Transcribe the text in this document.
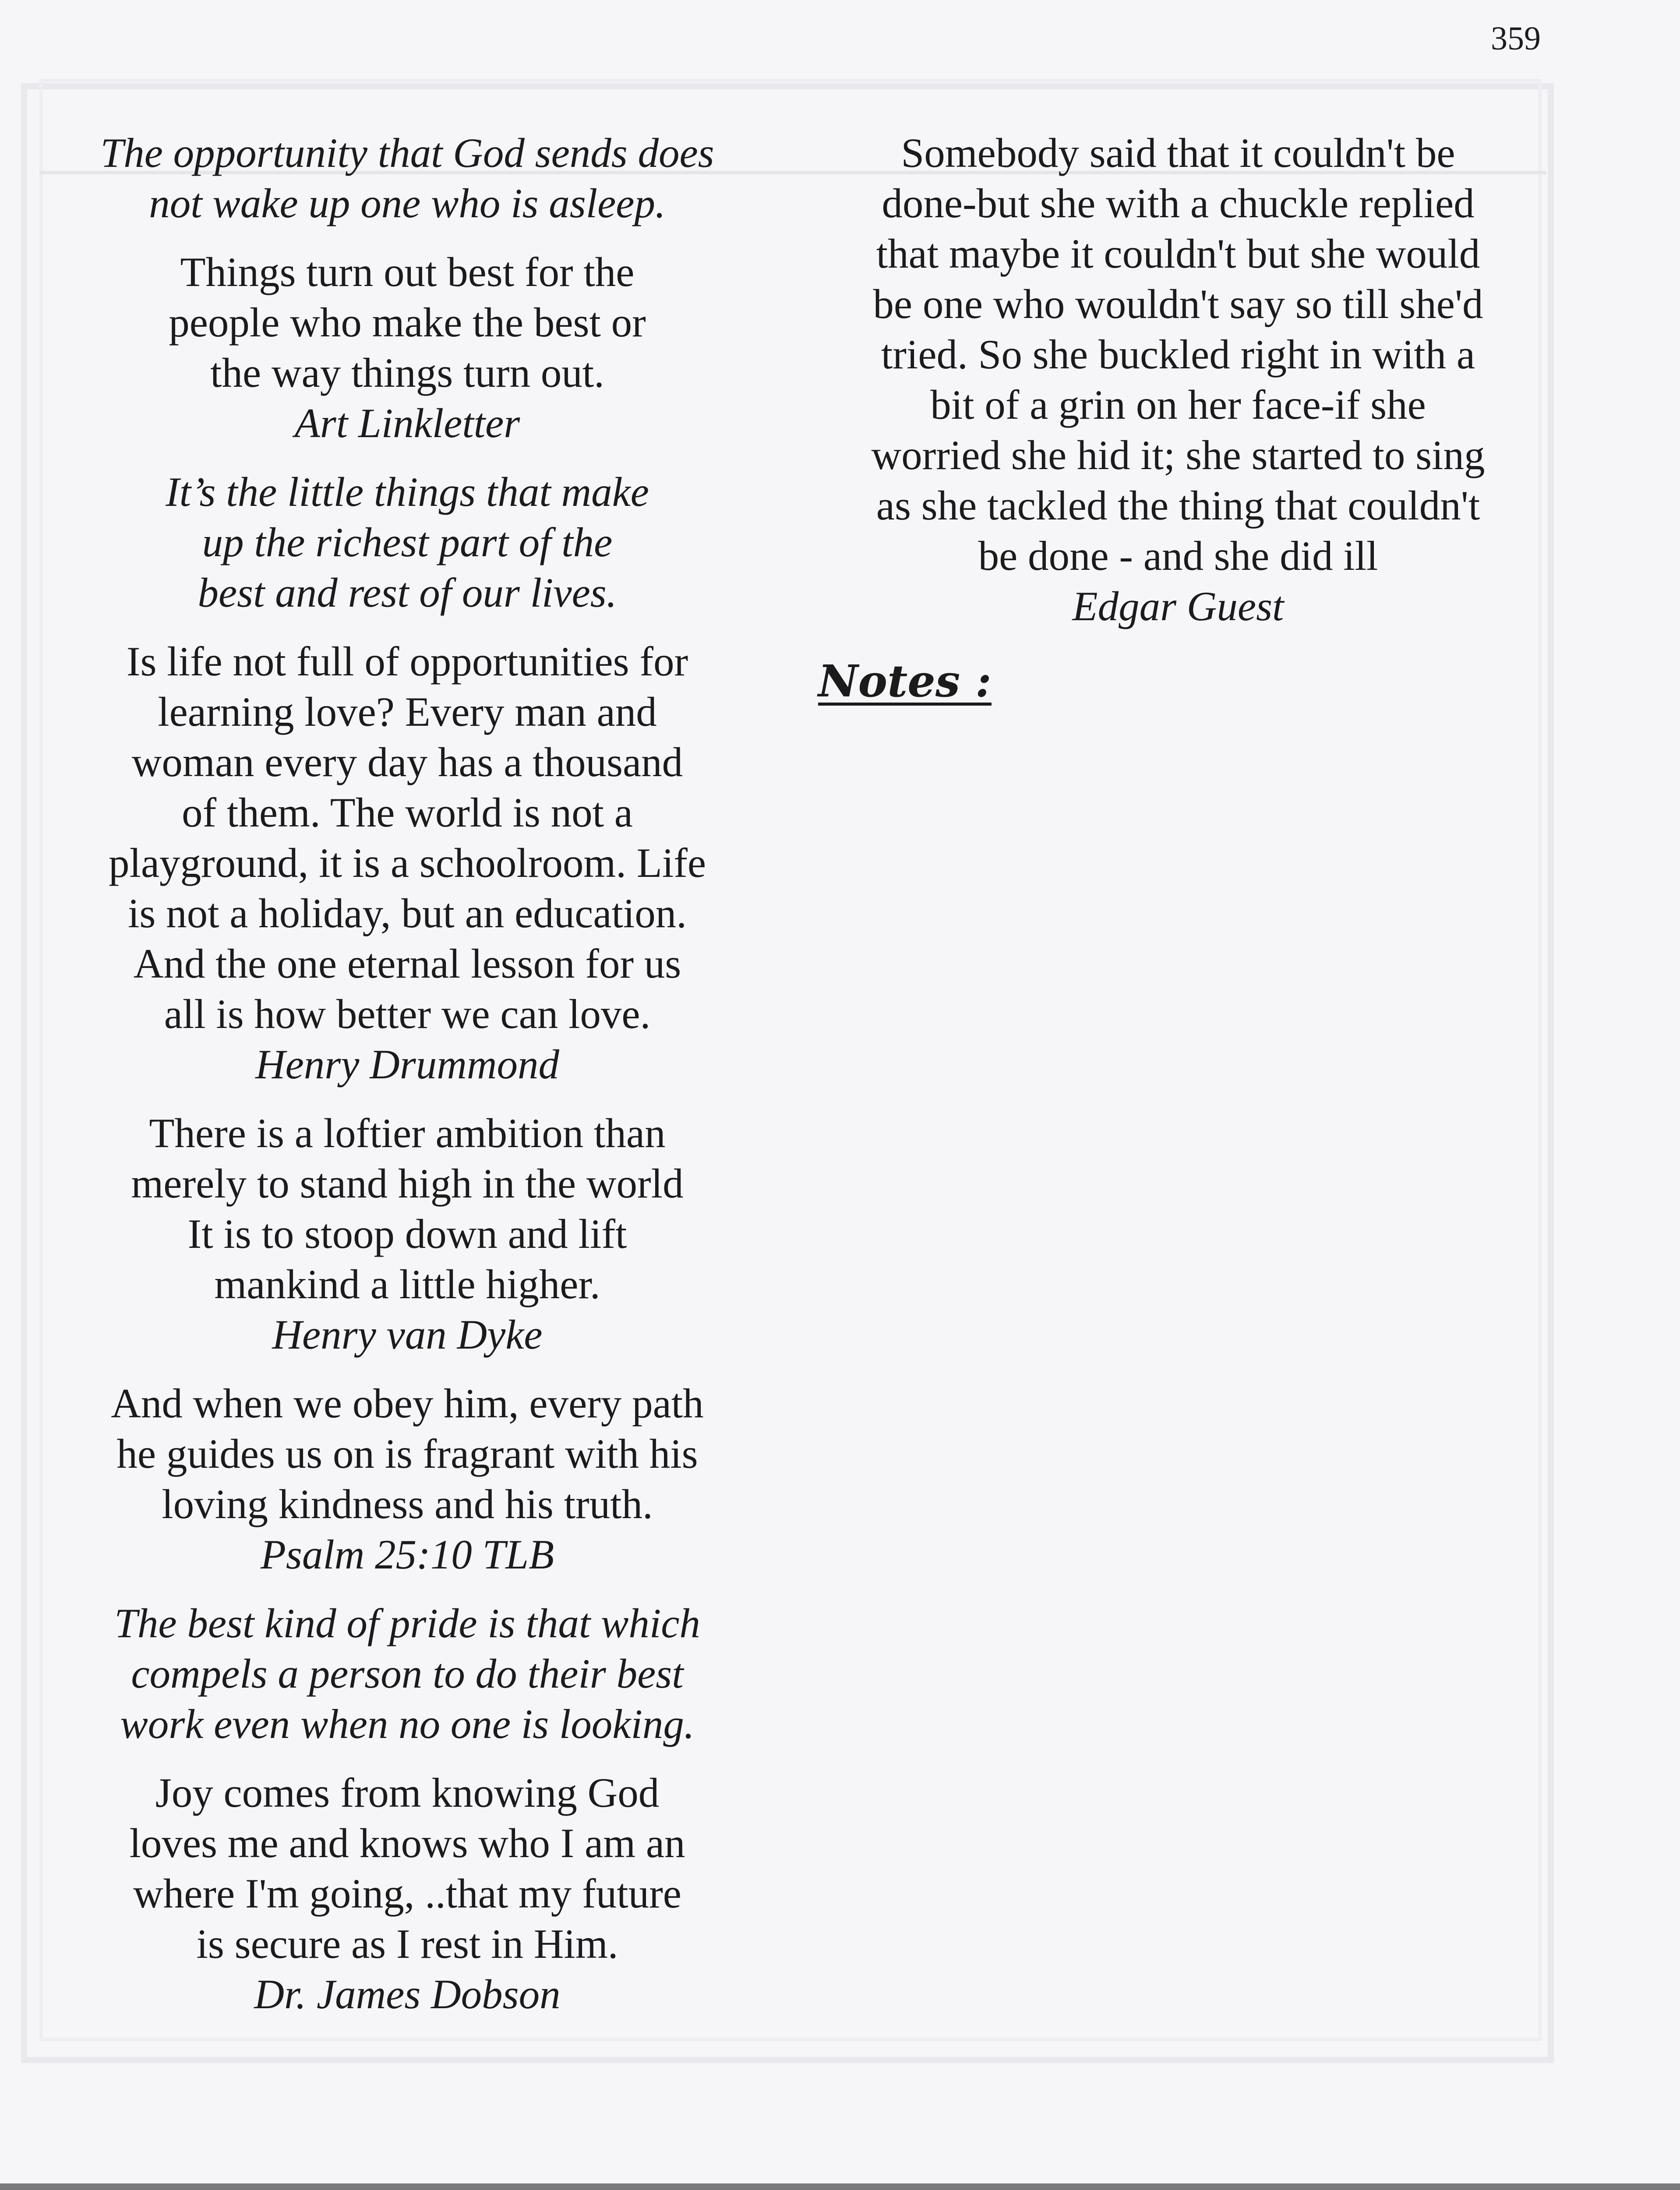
359
The opportunity that God sends does
not wake up one who is asleep.
Things turn out best for the
people who make the best or
the way things turn out.
Art Linkletter
It’s the little things that make
up the richest part of the
best and rest of our lives.
Is life not full of opportunities for
learning love? Every man and
woman every day has a thousand
of them. The world is not a
playground, it is a schoolroom. Life
is not a holiday, but an education.
And the one eternal lesson for us
all is how better we can love.
Henry Drummond
There is a loftier ambition than
merely to stand high in the world
It is to stoop down and lift
mankind a little higher.
Henry van Dyke
And when we obey him, every path
he guides us on is fragrant with his
loving kindness and his truth.
Psalm 25:10 TLB
The best kind of pride is that which
compels a person to do their best
work even when no one is looking.
Joy comes from knowing God
loves me and knows who I am an
where I'm going, ..that my future
is secure as I rest in Him.
Dr. James Dobson
Somebody said that it couldn't be
done-but she with a chuckle replied
that maybe it couldn't but she would
be one who wouldn't say so till she'd
tried. So she buckled right in with a
bit of a grin on her face-if she
worried she hid it; she started to sing
as she tackled the thing that couldn't
be done - and she did ill
Edgar Guest
Notes :
